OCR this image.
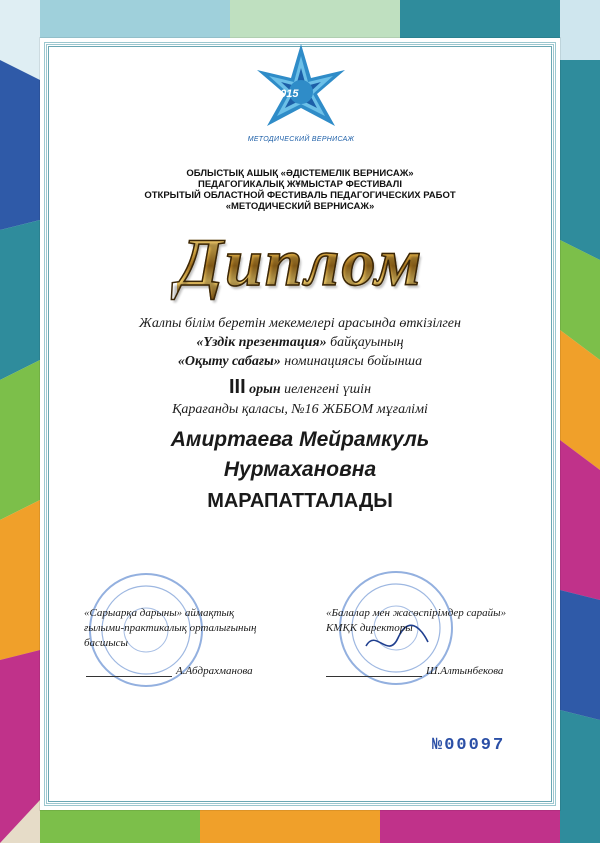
2015
МЕТОДИЧЕСКИЙ ВЕРНИСАЖ
ОБЛЫСТЫҚ АШЫҚ «ӘДІСТЕМЕЛІК ВЕРНИСАЖ»
ПЕДАГОГИКАЛЫҚ ЖҰМЫСТАР ФЕСТИВАЛІ
ОТКРЫТЫЙ ОБЛАСТНОЙ ФЕСТИВАЛЬ ПЕДАГОГИЧЕСКИХ РАБОТ
«МЕТОДИЧЕСКИЙ ВЕРНИСАЖ»
Диплом
Жалпы білім беретін мекемелері арасында өткізілген
«Үздік презентация» байқауының
«Оқыту сабағы» номинациясы бойынша
III орын иеленгені үшін
Қарағанды қаласы, №16 ЖББОМ мұғалімі
Амиртаева Мейрамкуль
Нурмахановна
МАРАПАТТАЛАДЫ
«Сарыарқа дарыны» аймақтық
ғылыми-практикалық орталығының
басшысы
А.Абдрахманова
«Балалар мен жасөспірімдер сарайы»
КМҚК директоры
Ш.Алтынбекова
№00097
